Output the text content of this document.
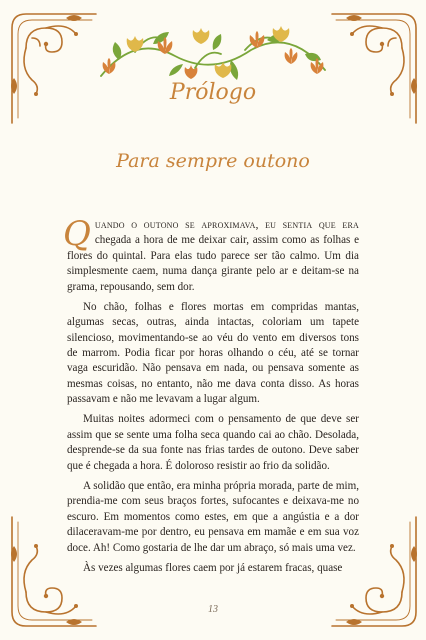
Prólogo
Para sempre outono

Quando o outono se aproximava, eu sentia que era chegada a hora de me deixar cair, assim como as folhas e flores do quintal. Para elas tudo parece ser tão calmo. Um dia simplesmente caem, numa dança girante pelo ar e deitam-se na grama, repousando, sem dor.

No chão, folhas e flores mortas em compridas mantas, algumas secas, outras, ainda intactas, coloriam um tapete silencioso, movimentando-se ao véu do vento em diversos tons de marrom. Podia ficar por horas olhando o céu, até se tornar vaga escuridão. Não pensava em nada, ou pensava somente as mesmas coisas, no entanto, não me dava conta disso. As horas passavam e não me levavam a lugar algum.

Muitas noites adormeci com o pensamento de que deve ser assim que se sente uma folha seca quando cai ao chão. Desolada, desprende-se da sua fonte nas frias tardes de outono. Deve saber que é chegada a hora. É doloroso resistir ao frio da solidão.

A solidão que então, era minha própria morada, parte de mim, prendia-me com seus braços fortes, sufocantes e deixava-me no escuro. Em momentos como estes, em que a angústia e a dor dilaceravam-me por dentro, eu pensava em mamãe e em sua voz doce. Ah! Como gostaria de lhe dar um abraço, só mais uma vez.

Às vezes algumas flores caem por já estarem fracas, quase

13
